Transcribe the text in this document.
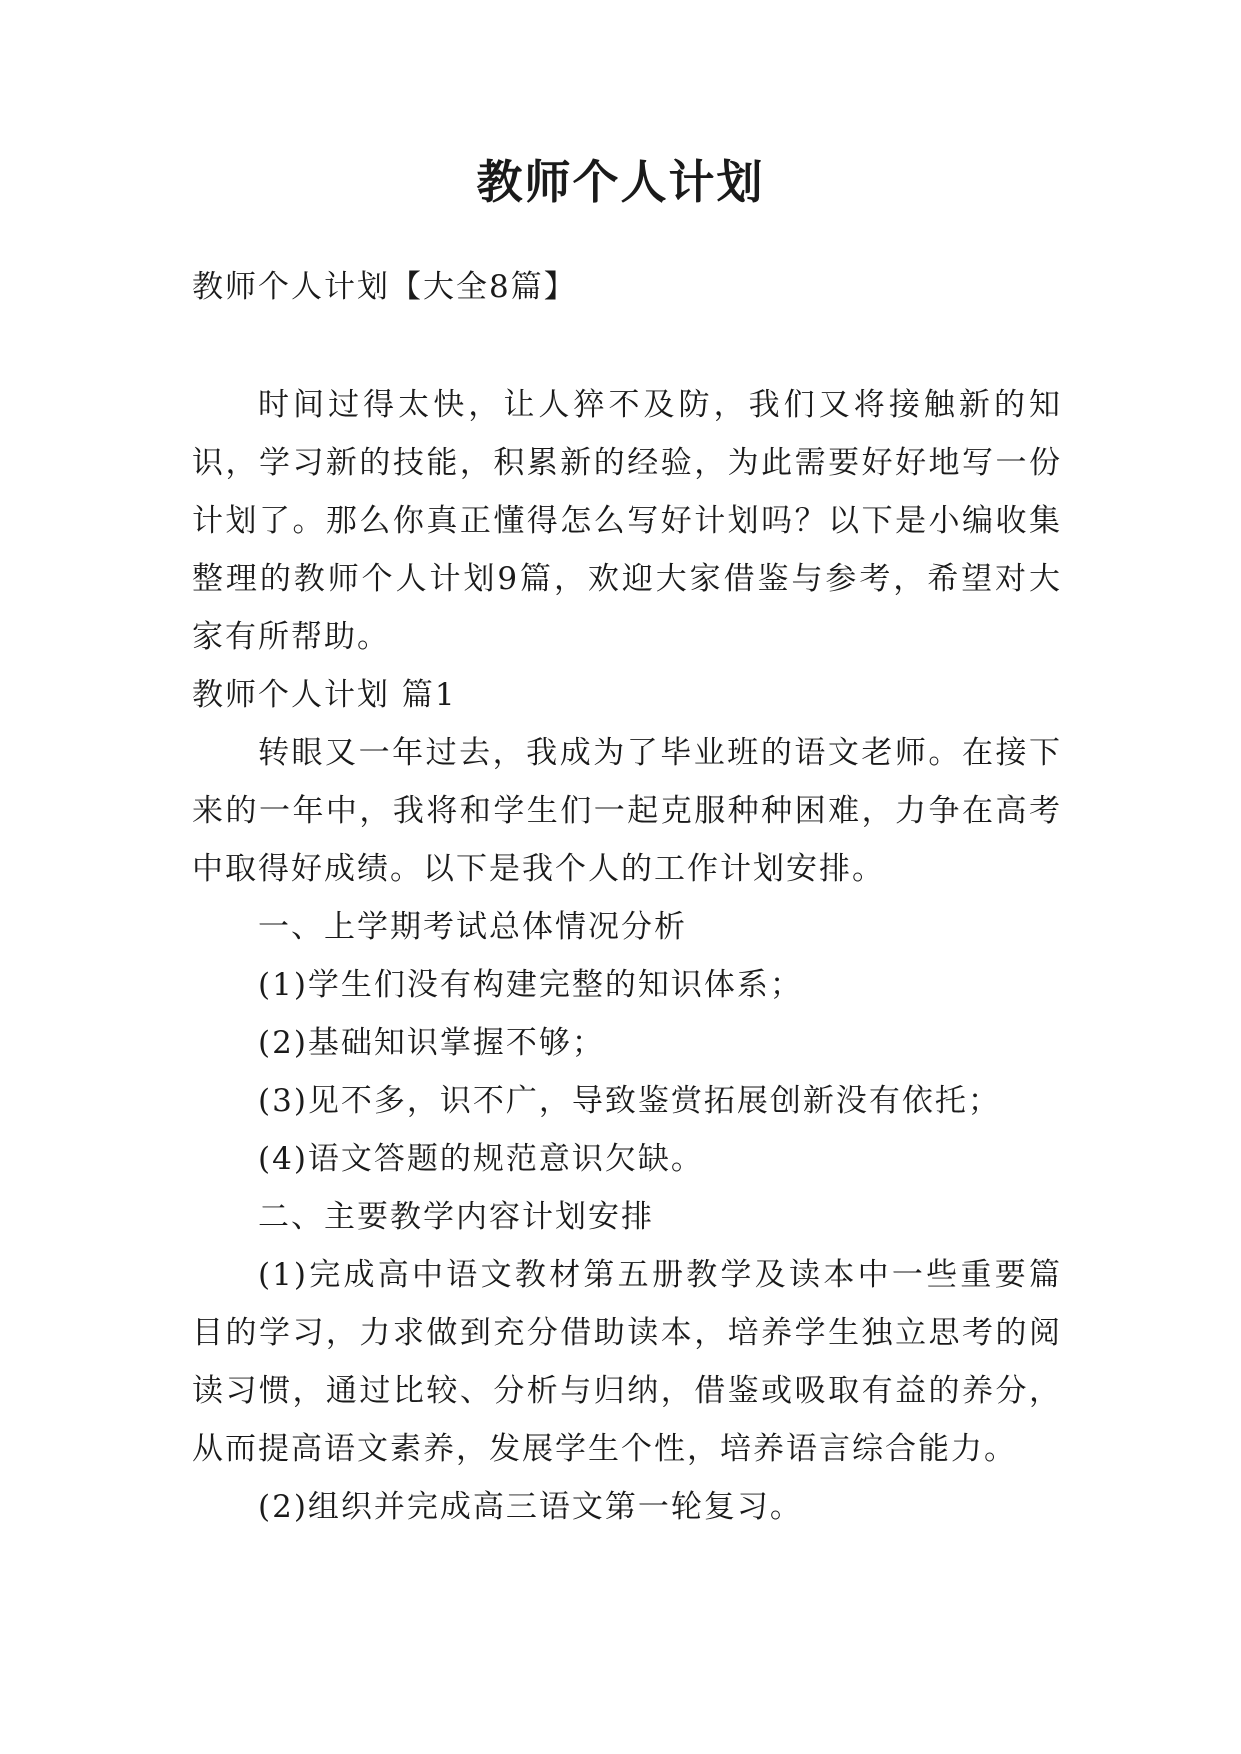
教师个人计划

教师个人计划【大全8篇】

时间过得太快，让人猝不及防，我们又将接触新的知识，学习新的技能，积累新的经验，为此需要好好地写一份计划了。那么你真正懂得怎么写好计划吗？以下是小编收集整理的教师个人计划9篇，欢迎大家借鉴与参考，希望对大家有所帮助。

教师个人计划 篇1

转眼又一年过去，我成为了毕业班的语文老师。在接下来的一年中，我将和学生们一起克服种种困难，力争在高考中取得好成绩。以下是我个人的工作计划安排。

一、上学期考试总体情况分析

(1)学生们没有构建完整的知识体系；

(2)基础知识掌握不够；

(3)见不多，识不广，导致鉴赏拓展创新没有依托；

(4)语文答题的规范意识欠缺。

二、主要教学内容计划安排

(1)完成高中语文教材第五册教学及读本中一些重要篇目的学习，力求做到充分借助读本，培养学生独立思考的阅读习惯，通过比较、分析与归纳，借鉴或吸取有益的养分，从而提高语文素养，发展学生个性，培养语言综合能力。

(2)组织并完成高三语文第一轮复习。
